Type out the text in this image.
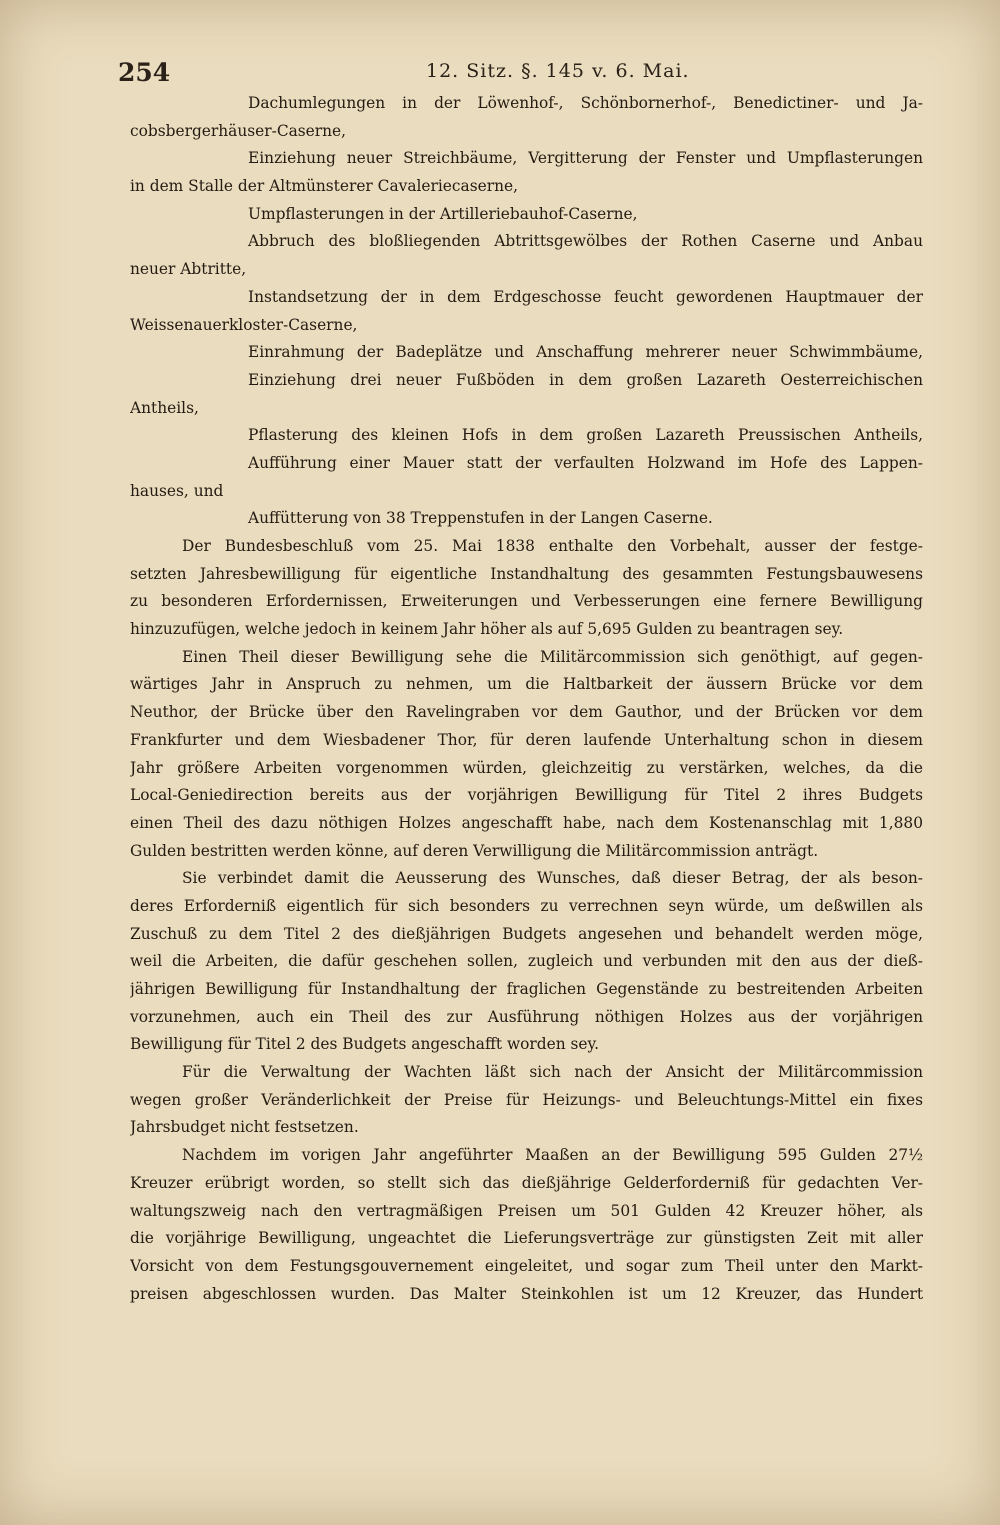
254	12. Sitz. §. 145 v. 6. Mai.
Dachumlegungen in der Löwenhof-, Schönbornerhof-, Benedictiner- und Ja-
cobsbergerhäuser-Caserne,
Einziehung neuer Streichbäume, Vergitterung der Fenster und Umpflasterungen
in dem Stalle der Altmünsterer Cavaleriecaserne,
Umpflasterungen in der Artilleriebauhof-Caserne,
Abbruch des bloßliegenden Abtrittsgewölbes der Rothen Caserne und Anbau
neuer Abtritte,
Instandsetzung der in dem Erdgeschosse feucht gewordenen Hauptmauer der
Weissenauerkloster-Caserne,
Einrahmung der Badeplätze und Anschaffung mehrerer neuer Schwimmbäume,
Einziehung drei neuer Fußböden in dem großen Lazareth Oesterreichischen
Antheils,
Pflasterung des kleinen Hofs in dem großen Lazareth Preussischen Antheils,
Aufführung einer Mauer statt der verfaulten Holzwand im Hofe des Lappen-
hauses, und
Auffütterung von 38 Treppenstufen in der Langen Caserne.
Der Bundesbeschluß vom 25. Mai 1838 enthalte den Vorbehalt, ausser der festge-
setzten Jahresbewilligung für eigentliche Instandhaltung des gesammten Festungsbauwesens
zu besonderen Erfordernissen, Erweiterungen und Verbesserungen eine fernere Bewilligung
hinzuzufügen, welche jedoch in keinem Jahr höher als auf 5,695 Gulden zu beantragen sey.
Einen Theil dieser Bewilligung sehe die Militärcommission sich genöthigt, auf gegen-
wärtiges Jahr in Anspruch zu nehmen, um die Haltbarkeit der äussern Brücke vor dem
Neuthor, der Brücke über den Ravelingraben vor dem Gauthor, und der Brücken vor dem
Frankfurter und dem Wiesbadener Thor, für deren laufende Unterhaltung schon in diesem
Jahr größere Arbeiten vorgenommen würden, gleichzeitig zu verstärken, welches, da die
Local-Geniedirection bereits aus der vorjährigen Bewilligung für Titel 2 ihres Budgets
einen Theil des dazu nöthigen Holzes angeschafft habe, nach dem Kostenanschlag mit 1,880
Gulden bestritten werden könne, auf deren Verwilligung die Militärcommission anträgt.
Sie verbindet damit die Aeusserung des Wunsches, daß dieser Betrag, der als beson-
deres Erforderniß eigentlich für sich besonders zu verrechnen seyn würde, um deßwillen als
Zuschuß zu dem Titel 2 des dießjährigen Budgets angesehen und behandelt werden möge,
weil die Arbeiten, die dafür geschehen sollen, zugleich und verbunden mit den aus der dieß-
jährigen Bewilligung für Instandhaltung der fraglichen Gegenstände zu bestreitenden Arbeiten
vorzunehmen, auch ein Theil des zur Ausführung nöthigen Holzes aus der vorjährigen
Bewilligung für Titel 2 des Budgets angeschafft worden sey.
Für die Verwaltung der Wachten läßt sich nach der Ansicht der Militärcommission
wegen großer Veränderlichkeit der Preise für Heizungs- und Beleuchtungs-Mittel ein fixes
Jahrsbudget nicht festsetzen.
Nachdem im vorigen Jahr angeführter Maaßen an der Bewilligung 595 Gulden 27½
Kreuzer erübrigt worden, so stellt sich das dießjährige Gelderforderniß für gedachten Ver-
waltungszweig nach den vertragmäßigen Preisen um 501 Gulden 42 Kreuzer höher, als
die vorjährige Bewilligung, ungeachtet die Lieferungsverträge zur günstigsten Zeit mit aller
Vorsicht von dem Festungsgouvernement eingeleitet, und sogar zum Theil unter den Markt-
preisen abgeschlossen wurden. Das Malter Steinkohlen ist um 12 Kreuzer, das Hundert
